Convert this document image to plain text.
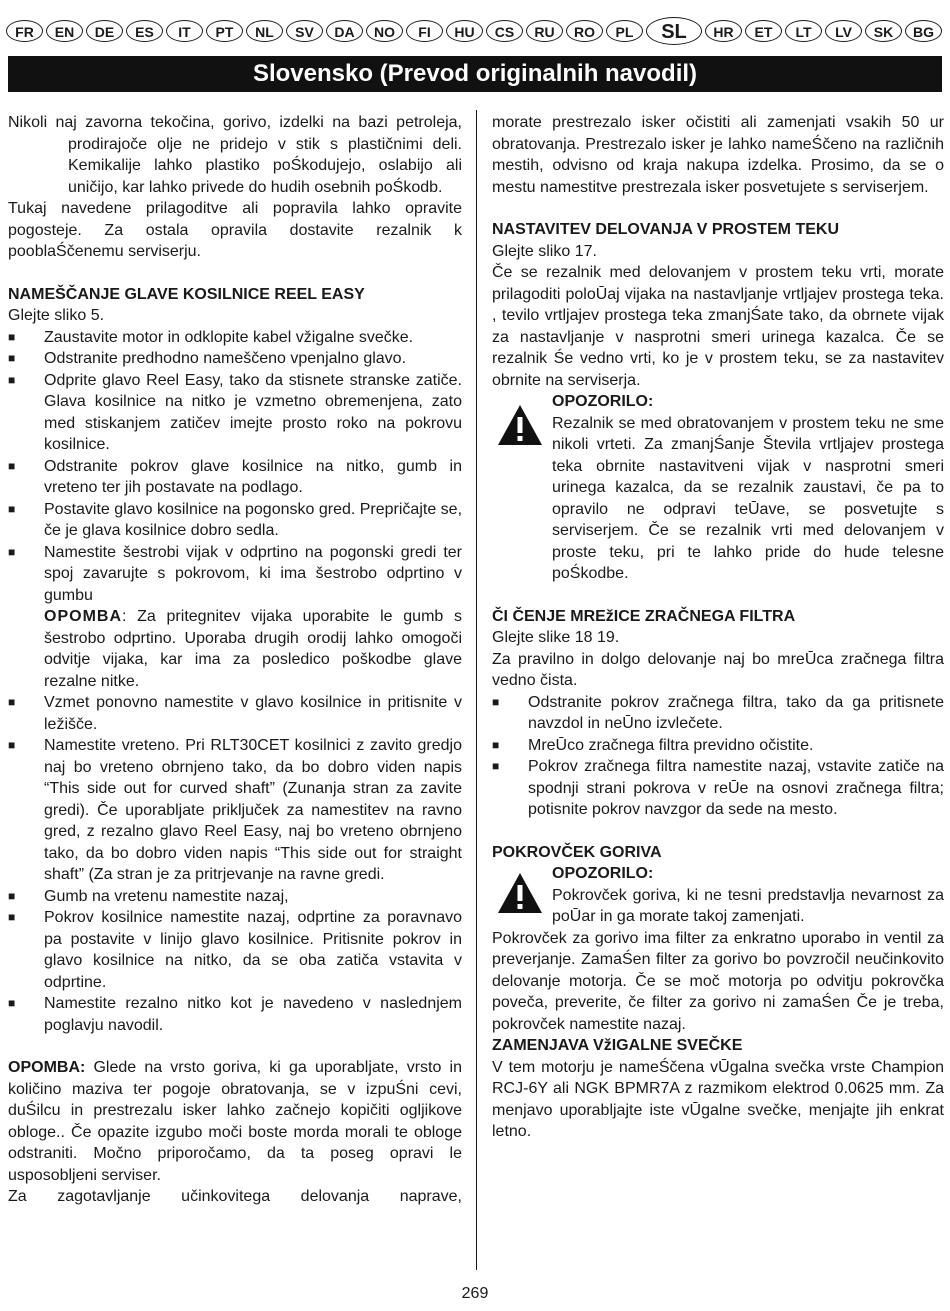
FR	EN	DE	ES	IT	PT	NL	SV	DA	NO	FI	HU	CS	RU	RO	PL	SL	HR	ET	LT	LV	SK	BG
Slovensko (Prevod originalnih navodil)

Nikoli naj zavorna tekočina, gorivo, izdelki na bazi petroleja, prodirajoče olje ne pridejo v stik s plastičnimi deli. Kemikalije lahko plastiko poŚkodujejo, oslabijo ali uničijo, kar lahko privede do hudih osebnih poŚkodb.

Tukaj navedene prilagoditve ali popravila lahko opravite pogosteje. Za ostala opravila dostavite rezalnik k pooblaŚčenemu serviserju.

NAMEŠČANJE GLAVE KOSILNICE REEL EASY

Glejte sliko 5.

■ Zaustavite motor in odklopite kabel vžigalne svečke.
■ Odstranite predhodno nameščeno vpenjalno glavo.
■ Odprite glavo Reel Easy, tako da stisnete stranske zatiče. Glava kosilnice na nitko je vzmetno obremenjena, zato med stiskanjem zatičev imejte prosto roko na pokrovu kosilnice.
■ Odstranite pokrov glave kosilnice na nitko, gumb in vreteno ter jih postavate na podlago.
■ Postavite glavo kosilnice na pogonsko gred. Prepričajte se, če je glava kosilnice dobro sedla.
■ Namestite šestrobi vijak v odprtino na pogonski gredi ter spoj zavarujte s pokrovom, ki ima šestrobo odprtino v gumbu

OPOMBA: Za pritegnitev vijaka uporabite le gumb s šestrobo odprtino. Uporaba drugih orodij lahko omogoči odvitje vijaka, kar ima za posledico poškodbe glave rezalne nitke.

■ Vzmet ponovno namestite v glavo kosilnice in pritisnite v ležišče.
■ Namestite vreteno. Pri RLT30CET kosilnici z zavito gredjo naj bo vreteno obrnjeno tako, da bo dobro viden napis “This side out for curved shaft” (Zunanja stran za zavite gredi). Če uporabljate priključek za namestitev na ravno gred, z rezalno glavo Reel Easy, naj bo vreteno obrnjeno tako, da bo dobro viden napis “This side out for straight shaft” (Za stran je za pritrjevanje na ravne gredi.
■ Gumb na vretenu namestite nazaj,
■ Pokrov kosilnice namestite nazaj, odprtine za poravnavo pa postavite v linijo glavo kosilnice. Pritisnite pokrov in glavo kosilnice na nitko, da se oba zatiča vstavita v odprtine.
■ Namestite rezalno nitko kot je navedeno v naslednjem poglavju navodil.

OPOMBA: Glede na vrsto goriva, ki ga uporabljate, vrsto in količino maziva ter pogoje obratovanja, se v izpuŚni cevi, duŚilcu in prestrezalu isker lahko začnejo kopičiti ogljikove obloge.. Če opazite izgubo moči boste morda morali te obloge odstraniti. Močno priporočamo, da ta poseg opravi le usposobljeni serviser.

Za zagotavljanje učinkovitega delovanja naprave,

morate prestrezalo isker očistiti ali zamenjati vsakih 50 ur obratovanja. Prestrezalo isker je lahko nameŚčeno na različnih mestih, odvisno od kraja nakupa izdelka. Prosimo, da se o mestu namestitve prestrezala isker posvetujete s serviserjem.

NASTAVITEV DELOVANJA V PROSTEM TEKU

Glejte sliko 17.

Če se rezalnik med delovanjem v prostem teku vrti, morate prilagoditi poloŪaj vijaka na nastavljanje vrtljajev prostega teka. , tevilo vrtljajev prostega teka zmanjŚate tako, da obrnete vijak za nastavljanje v nasprotni smeri urinega kazalca. Če se rezalnik Śe vedno vrti, ko je v prostem teku, se za nastavitev obrnite na serviserja.

OPOZORILO:

Rezalnik se med obratovanjem v prostem teku ne sme nikoli vrteti. Za zmanjŚanje Števila vrtljajev prostega teka obrnite nastavitveni vijak v nasprotni smeri urinega kazalca, da se rezalnik zaustavi, če pa to opravilo ne odpravi teŪave, se posvetujte s serviserjem. Če se rezalnik vrti med delovanjem v proste teku, pri te lahko pride do hude telesne poŚkodbe.

ČI ČENJE MREžICE ZRAČNEGA FILTRA

Glejte slike 18 19.

Za pravilno in dolgo delovanje naj bo mreŪca zračnega filtra vedno čista.

■ Odstranite pokrov zračnega filtra, tako da ga pritisnete navzdol in neŪno izvlečete.
■ MreŪco zračnega filtra previdno očistite.
■ Pokrov zračnega filtra namestite nazaj, vstavite zatiče na spodnji strani pokrova v reŪe na osnovi zračnega filtra; potisnite pokrov navzgor da sede na mesto.
POKROVČEK GORIVA
OPOZORILO:

Pokrovček goriva, ki ne tesni predstavlja nevarnost za poŪar in ga morate takoj zamenjati.

Pokrovček za gorivo ima filter za enkratno uporabo in ventil za preverjanje. ZamaŚen filter za gorivo bo povzročil neučinkovito delovanje motorja. Če se moč motorja po odvitju pokrovčka poveča, preverite, če filter za gorivo ni zamaŚen Če je treba, pokrovček namestite nazaj.

ZAMENJAVA VžIGALNE SVEČKE

V tem motorju je nameŚčena vŪgalna svečka vrste Champion RCJ-6Y ali NGK BPMR7A z razmikom elektrod 0.0625 mm. Za menjavo uporabljajte iste vŪgalne svečke, menjajte jih enkrat letno.

269
